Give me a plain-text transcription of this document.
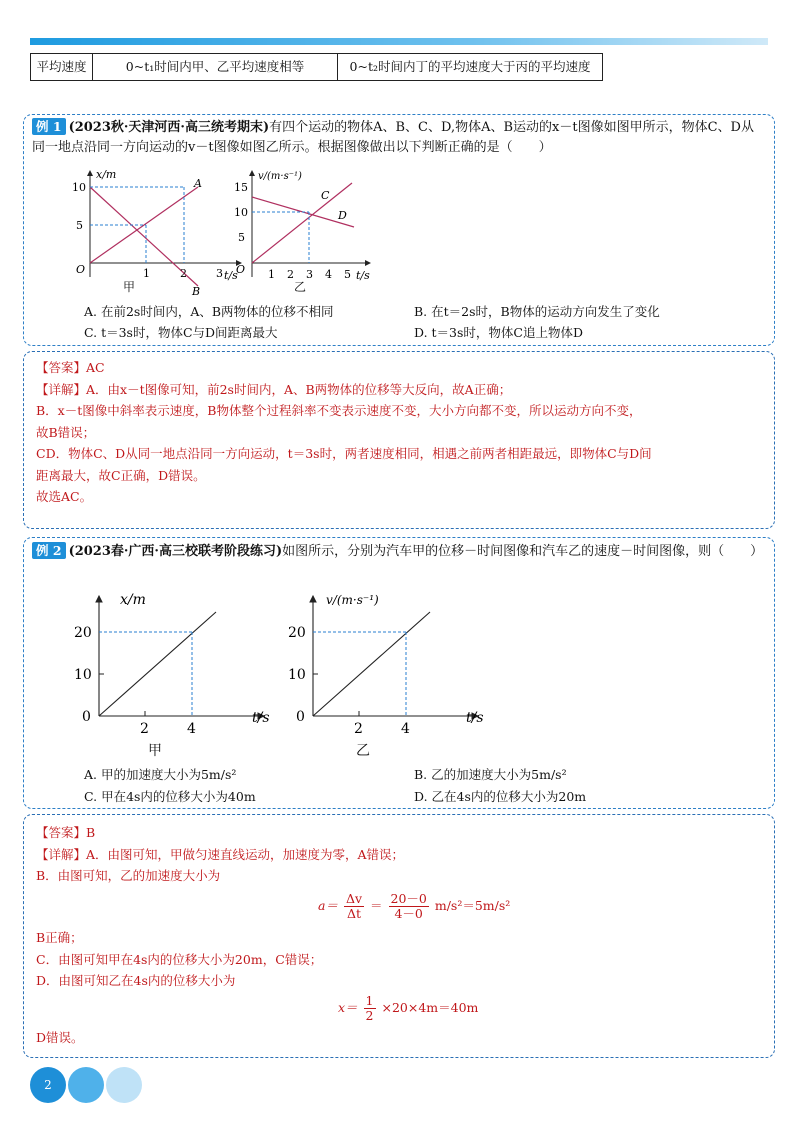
平均速度	0~t₁时间内甲、乙平均速度相等	0~t₂时间内丁的平均速度大于丙的平均速度
例 1 (2023秋·天津河西·高三统考期末)有四个运动的物体A、B、C、D,物体A、B运动的x－t图像如图甲所示，物体C、D从同一地点沿同一方向运动的v－t图像如图乙所示。根据图像做出以下判断正确的是（　　）
x/m
t/s
10
5
1	2	3
O
A
B
甲
v/(m·s⁻¹)
t/s
15
10
5
1 2 3 4 5
O
C
D
乙
A. 在前2s时间内，A、B两物体的位移不相同	B. 在t＝2s时，B物体的运动方向发生了变化
C. t＝3s时，物体C与D间距离最大	D. t＝3s时，物体C追上物体D
【答案】AC
【详解】A．由x－t图像可知，前2s时间内，A、B两物体的位移等大反向，故A正确；
B．x－t图像中斜率表示速度，B物体整个过程斜率不变表示速度不变，大小方向都不变，所以运动方向不变，
故B错误；
CD．物体C、D从同一地点沿同一方向运动，t＝3s时，两者速度相同，相遇之前两者相距最远，即物体C与D间
距离最大，故C正确，D错误。
故选AC。
例 2 (2023春·广西·高三校联考阶段练习)如图所示，分别为汽车甲的位移－时间图像和汽车乙的速度－时间图像，则（　　）
x/m
t/s
20
10
2	4
0
甲
v/(m·s⁻¹)
t/s
20
10
2	4
0
乙
A. 甲的加速度大小为5m/s²	B. 乙的加速度大小为5m/s²
C. 甲在4s内的位移大小为40m	D. 乙在4s内的位移大小为20m
【答案】B
【详解】A．由图可知，甲做匀速直线运动，加速度为零，A错误；
B．由图可知，乙的加速度大小为
$a= \frac{\Delta v}{\Delta t} = \frac{20-0}{4-0} m/s^2=5m/s^2$
B正确；
C．由图可知甲在4s内的位移大小为20m，C错误；
D．由图可知乙在4s内的位移大小为
$x= \frac{1}{2} \times 20\times 4m=40m$
D错误。
2
